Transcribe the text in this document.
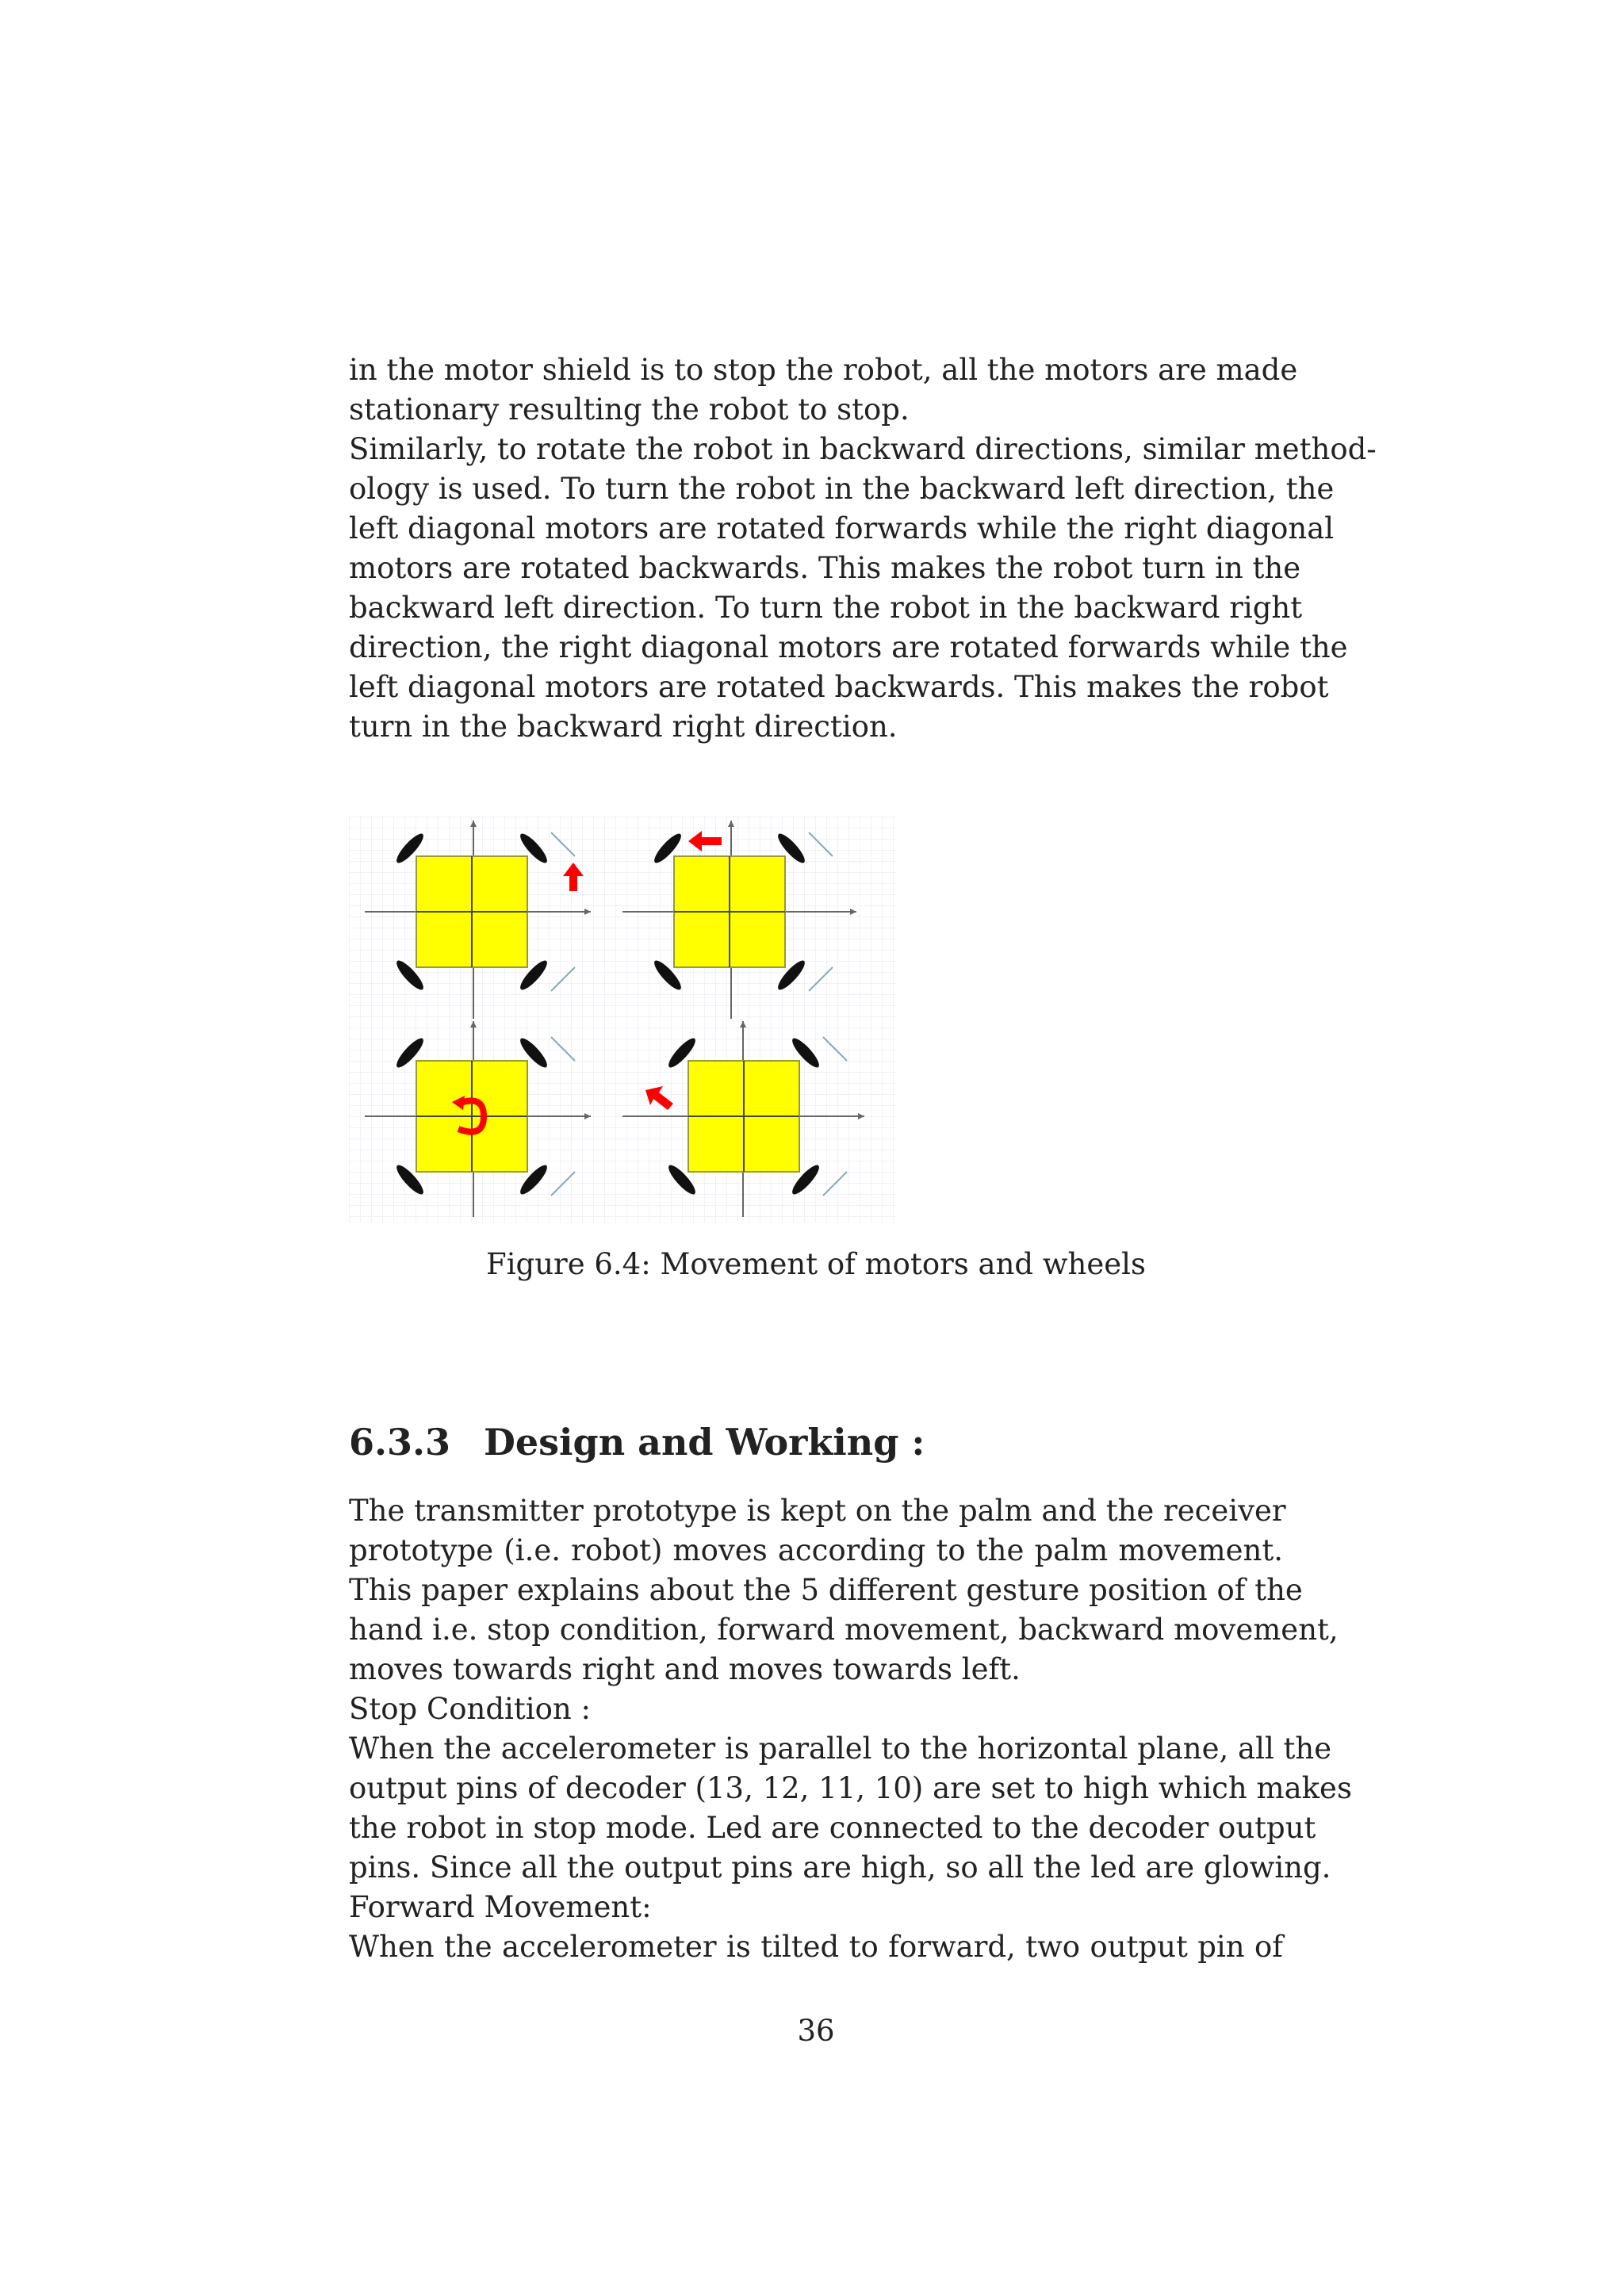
in the motor shield is to stop the robot, all the motors are made
stationary resulting the robot to stop.
Similarly, to rotate the robot in backward directions, similar method-
ology is used. To turn the robot in the backward left direction, the
left diagonal motors are rotated forwards while the right diagonal
motors are rotated backwards. This makes the robot turn in the
backward left direction. To turn the robot in the backward right
direction, the right diagonal motors are rotated forwards while the
left diagonal motors are rotated backwards. This makes the robot
turn in the backward right direction.
Figure 6.4: Movement of motors and wheels
6.3.3 Design and Working :
The transmitter prototype is kept on the palm and the receiver
prototype (i.e. robot) moves according to the palm movement.
This paper explains about the 5 different gesture position of the
hand i.e. stop condition, forward movement, backward movement,
moves towards right and moves towards left.
Stop Condition :
When the accelerometer is parallel to the horizontal plane, all the
output pins of decoder (13, 12, 11, 10) are set to high which makes
the robot in stop mode. Led are connected to the decoder output
pins. Since all the output pins are high, so all the led are glowing.
Forward Movement:
When the accelerometer is tilted to forward, two output pin of
36
